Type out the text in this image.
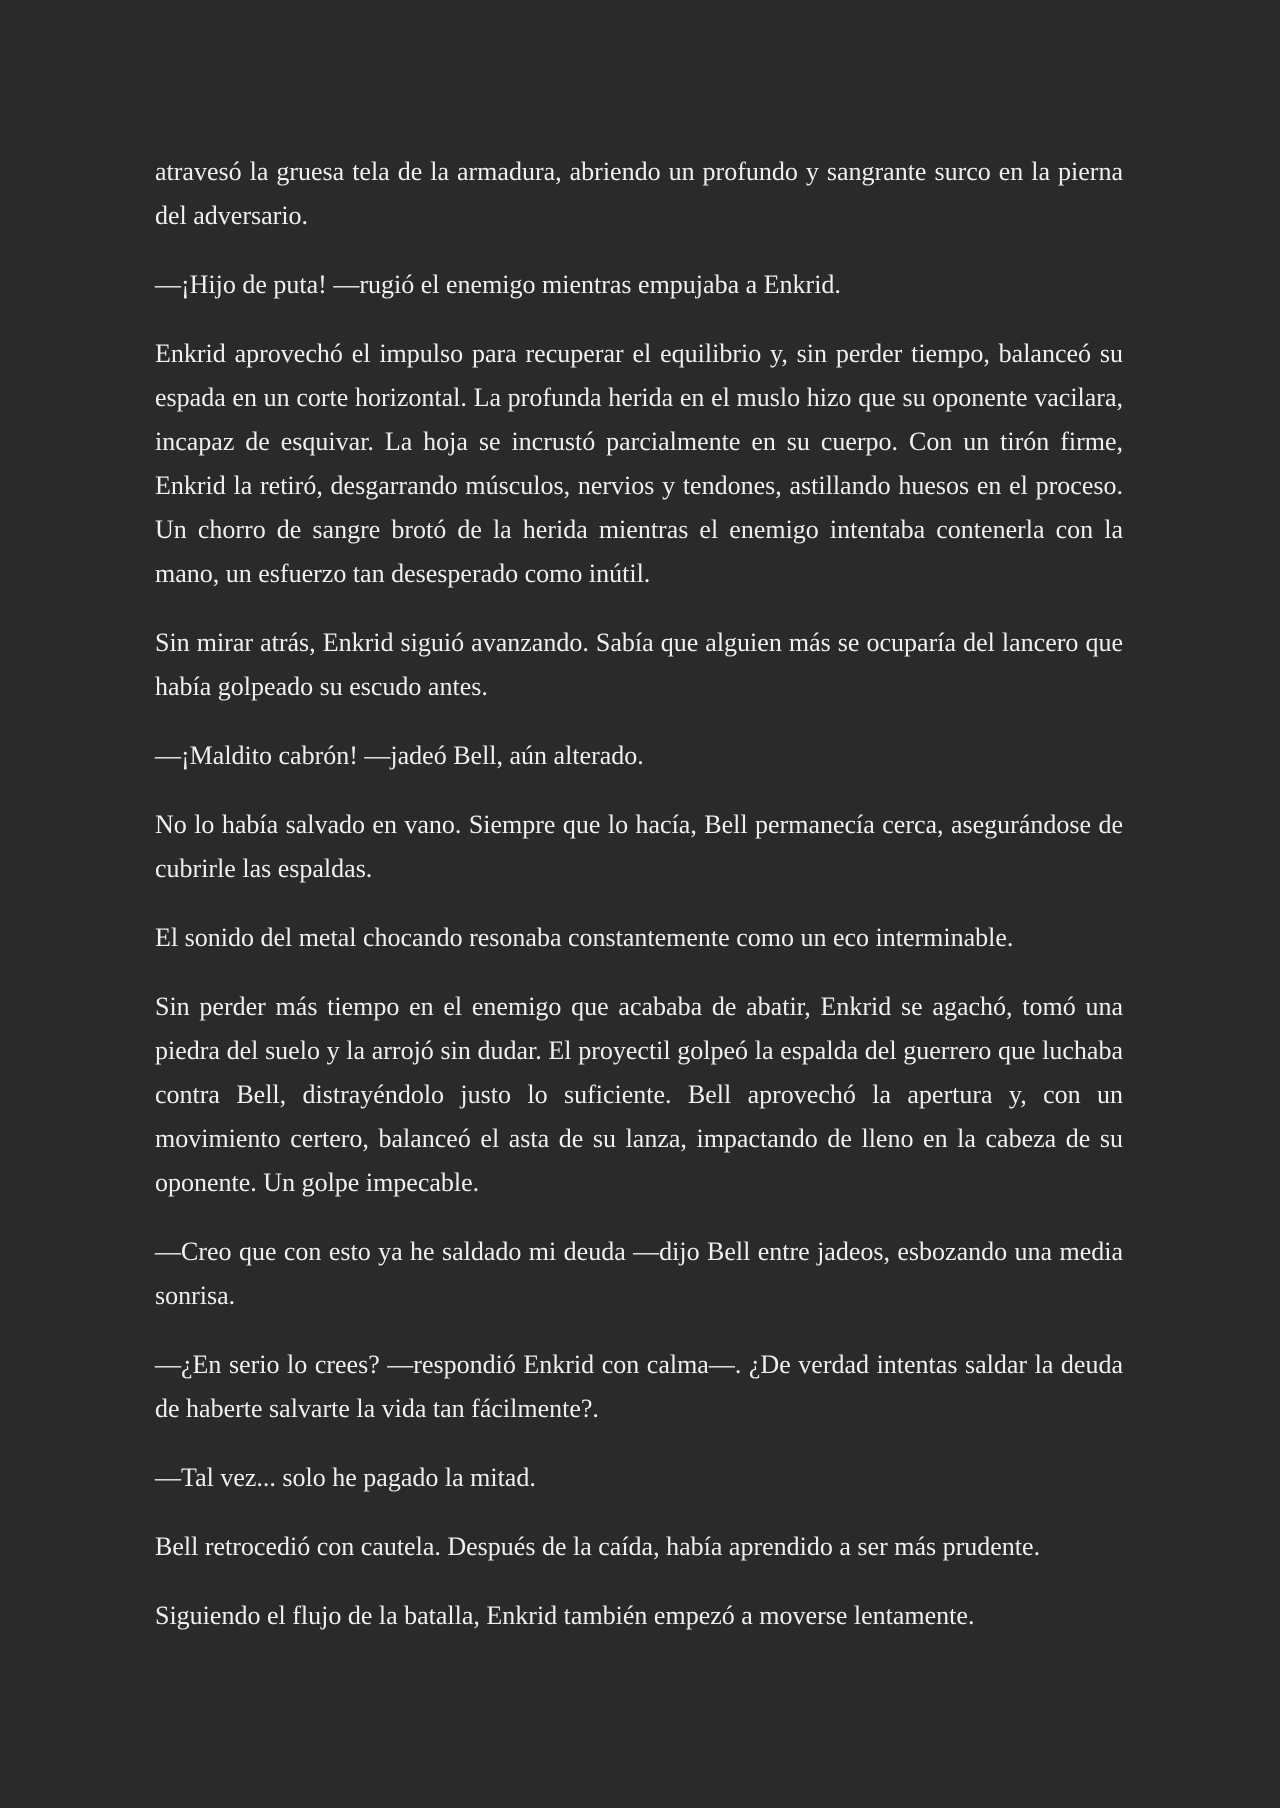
atravesó la gruesa tela de la armadura, abriendo un profundo y sangrante surco en la pierna del adversario.

—¡Hijo de puta! —rugió el enemigo mientras empujaba a Enkrid.

Enkrid aprovechó el impulso para recuperar el equilibrio y, sin perder tiempo, balanceó su espada en un corte horizontal. La profunda herida en el muslo hizo que su oponente vacilara, incapaz de esquivar. La hoja se incrustó parcialmente en su cuerpo. Con un tirón firme, Enkrid la retiró, desgarrando músculos, nervios y tendones, astillando huesos en el proceso. Un chorro de sangre brotó de la herida mientras el enemigo intentaba contenerla con la mano, un esfuerzo tan desesperado como inútil.

Sin mirar atrás, Enkrid siguió avanzando. Sabía que alguien más se ocuparía del lancero que había golpeado su escudo antes.

—¡Maldito cabrón! —jadeó Bell, aún alterado.

No lo había salvado en vano. Siempre que lo hacía, Bell permanecía cerca, asegurándose de cubrirle las espaldas.

El sonido del metal chocando resonaba constantemente como un eco interminable.

Sin perder más tiempo en el enemigo que acababa de abatir, Enkrid se agachó, tomó una piedra del suelo y la arrojó sin dudar. El proyectil golpeó la espalda del guerrero que luchaba contra Bell, distrayéndolo justo lo suficiente. Bell aprovechó la apertura y, con un movimiento certero, balanceó el asta de su lanza, impactando de lleno en la cabeza de su oponente. Un golpe impecable.

—Creo que con esto ya he saldado mi deuda —dijo Bell entre jadeos, esbozando una media sonrisa.

—¿En serio lo crees? —respondió Enkrid con calma—. ¿De verdad intentas saldar la deuda de haberte salvarte la vida tan fácilmente?.

—Tal vez... solo he pagado la mitad.

Bell retrocedió con cautela. Después de la caída, había aprendido a ser más prudente.

Siguiendo el flujo de la batalla, Enkrid también empezó a moverse lentamente.
